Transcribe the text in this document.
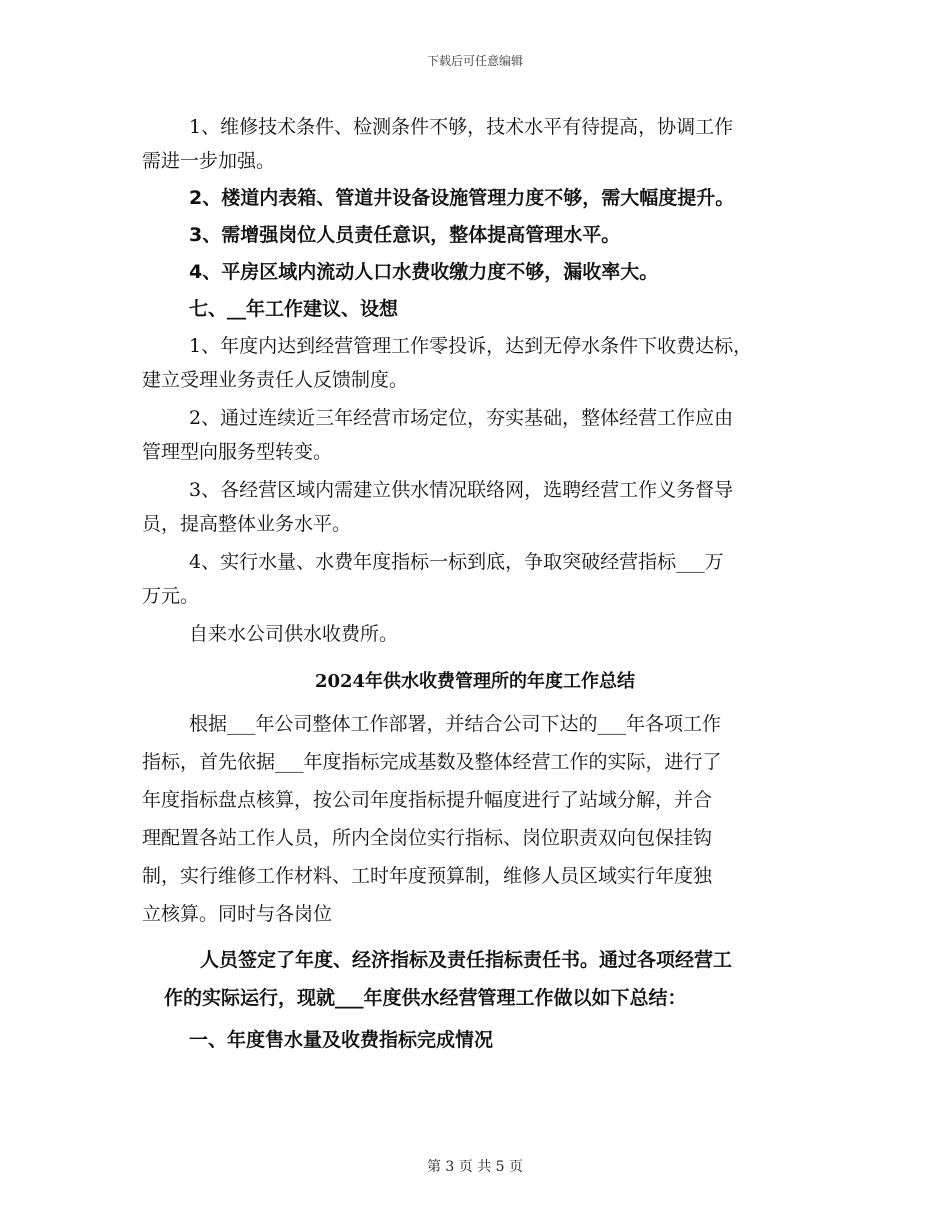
下载后可任意编辑
1、维修技术条件、检测条件不够，技术水平有待提高，协调工作
需进一步加强。
2、楼道内表箱、管道井设备设施管理力度不够，需大幅度提升。
3、需增强岗位人员责任意识，整体提高管理水平。
4、平房区域内流动人口水费收缴力度不够，漏收率大。
七、__年工作建议、设想
1、年度内达到经营管理工作零投诉，达到无停水条件下收费达标，
建立受理业务责任人反馈制度。
2、通过连续近三年经营市场定位，夯实基础，整体经营工作应由
管理型向服务型转变。
3、各经营区域内需建立供水情况联络网，选聘经营工作义务督导
员，提高整体业务水平。
4、实行水量、水费年度指标一标到底，争取突破经营指标___万
万元。
自来水公司供水收费所。
2024年供水收费管理所的年度工作总结
根据___年公司整体工作部署，并结合公司下达的___年各项工作
指标，首先依据___年度指标完成基数及整体经营工作的实际，进行了
年度指标盘点核算，按公司年度指标提升幅度进行了站域分解，并合
理配置各站工作人员，所内全岗位实行指标、岗位职责双向包保挂钩
制，实行维修工作材料、工时年度预算制，维修人员区域实行年度独
立核算。同时与各岗位
人员签定了年度、经济指标及责任指标责任书。通过各项经营工
作的实际运行，现就___年度供水经营管理工作做以如下总结：
一、年度售水量及收费指标完成情况
第 3 页 共 5 页
